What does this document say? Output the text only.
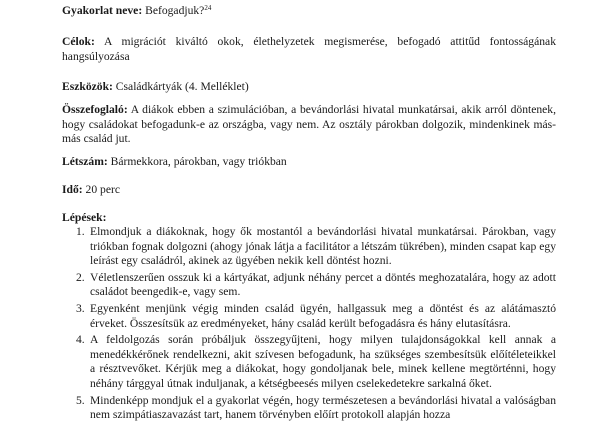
Gyakorlat neve: Befogadjuk?$^{24}$

Célok: A migrációt kiváltó okok, élethelyzetek megismerése, befogadó attitűd fontosságának hangsúlyozása

Eszközök: Családkártyák (4. Melléklet)

Összefoglaló: A diákok ebben a szimulációban, a bevándorlási hivatal munkatársai, akik arról döntenek, hogy családokat befogadunk-e az országba, vagy nem. Az osztály párokban dolgozik, mindenkinek más-más család jut.

Létszám: Bármekkora, párokban, vagy triókban
Idő: 20 perc
Lépések:
1. Elmondjuk a diákoknak, hogy ők mostantól a bevándorlási hivatal munkatársai. Párokban, vagy triókban fognak dolgozni (ahogy jónak látja a facilitátor a létszám tükrében), minden csapat kap egy leírást egy családról, akinek az ügyében nekik kell döntést hozni.
2. Véletlenszerűen osszuk ki a kártyákat, adjunk néhány percet a döntés meghozatalára, hogy az adott családot beengedik-e, vagy sem.
3. Egyenként menjünk végig minden család ügyén, hallgassuk meg a döntést és az alátámasztó érveket. Összesítsük az eredményeket, hány család került befogadásra és hány elutasításra.
4. A feldolgozás során próbáljuk összegyűjteni, hogy milyen tulajdonságokkal kell annak a menedékkérőnek rendelkezni, akit szívesen befogadunk, ha szükséges szembesítsük előítéleteikkel a résztvevőket. Kérjük meg a diákokat, hogy gondoljanak bele, minek kellene megtörténni, hogy néhány tárggyal útnak induljanak, a kétségbeesés milyen cselekedetekre sarkalná őket.
5. Mindenképp mondjuk el a gyakorlat végén, hogy természetesen a bevándorlási hivatal a valóságban nem szimpátiaszavazást tart, hanem törvényben előírt protokoll alapján hozza
